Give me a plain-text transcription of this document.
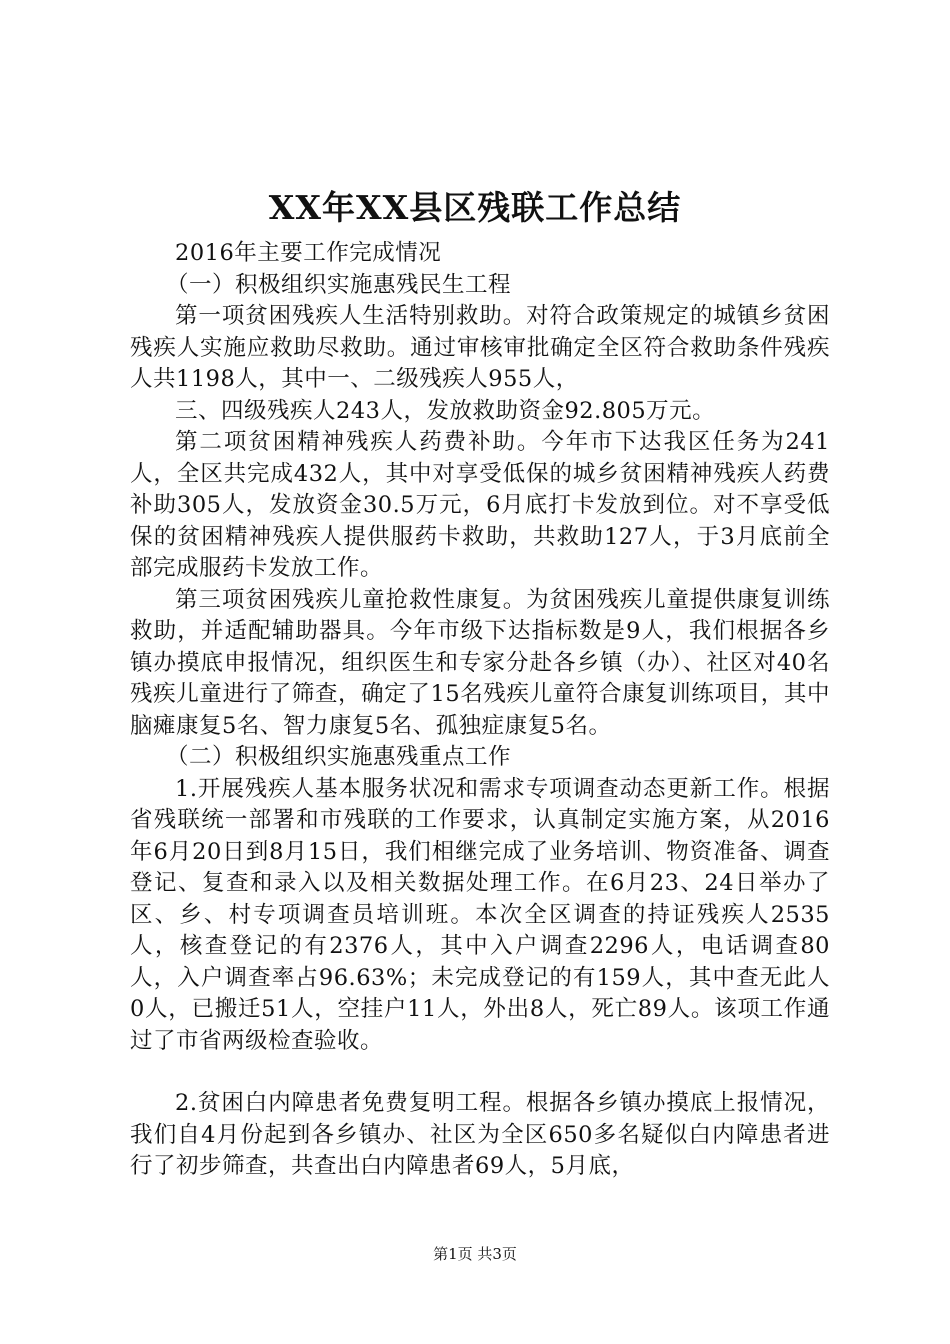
XX年XX县区残联工作总结

2016年主要工作完成情况

（一）积极组织实施惠残民生工程

第一项贫困残疾人生活特别救助。对符合政策规定的城镇乡贫困残疾人实施应救助尽救助。通过审核审批确定全区符合救助条件残疾人共1198人，其中一、二级残疾人955人，

三、四级残疾人243人，发放救助资金92.805万元。

第二项贫困精神残疾人药费补助。今年市下达我区任务为241人，全区共完成432人，其中对享受低保的城乡贫困精神残疾人药费补助305人，发放资金30.5万元，6月底打卡发放到位。对不享受低保的贫困精神残疾人提供服药卡救助，共救助127人，于3月底前全部完成服药卡发放工作。

第三项贫困残疾儿童抢救性康复。为贫困残疾儿童提供康复训练救助，并适配辅助器具。今年市级下达指标数是9人，我们根据各乡镇办摸底申报情况，组织医生和专家分赴各乡镇（办）、社区对40名残疾儿童进行了筛查，确定了15名残疾儿童符合康复训练项目，其中脑瘫康复5名、智力康复5名、孤独症康复5名。

（二）积极组织实施惠残重点工作

1.开展残疾人基本服务状况和需求专项调查动态更新工作。根据省残联统一部署和市残联的工作要求，认真制定实施方案，从2016年6月20日到8月15日，我们相继完成了业务培训、物资准备、调查登记、复查和录入以及相关数据处理工作。在6月23、24日举办了区、乡、村专项调查员培训班。本次全区调查的持证残疾人2535人，核查登记的有2376人，其中入户调查2296人，电话调查80人，入户调查率占96.63%；未完成登记的有159人，其中查无此人0人，已搬迁51人，空挂户11人，外出8人，死亡89人。该项工作通过了市省两级检查验收。

2.贫困白内障患者免费复明工程。根据各乡镇办摸底上报情况，我们自4月份起到各乡镇办、社区为全区650多名疑似白内障患者进行了初步筛查，共查出白内障患者69人，5月底，

第1页 共3页
